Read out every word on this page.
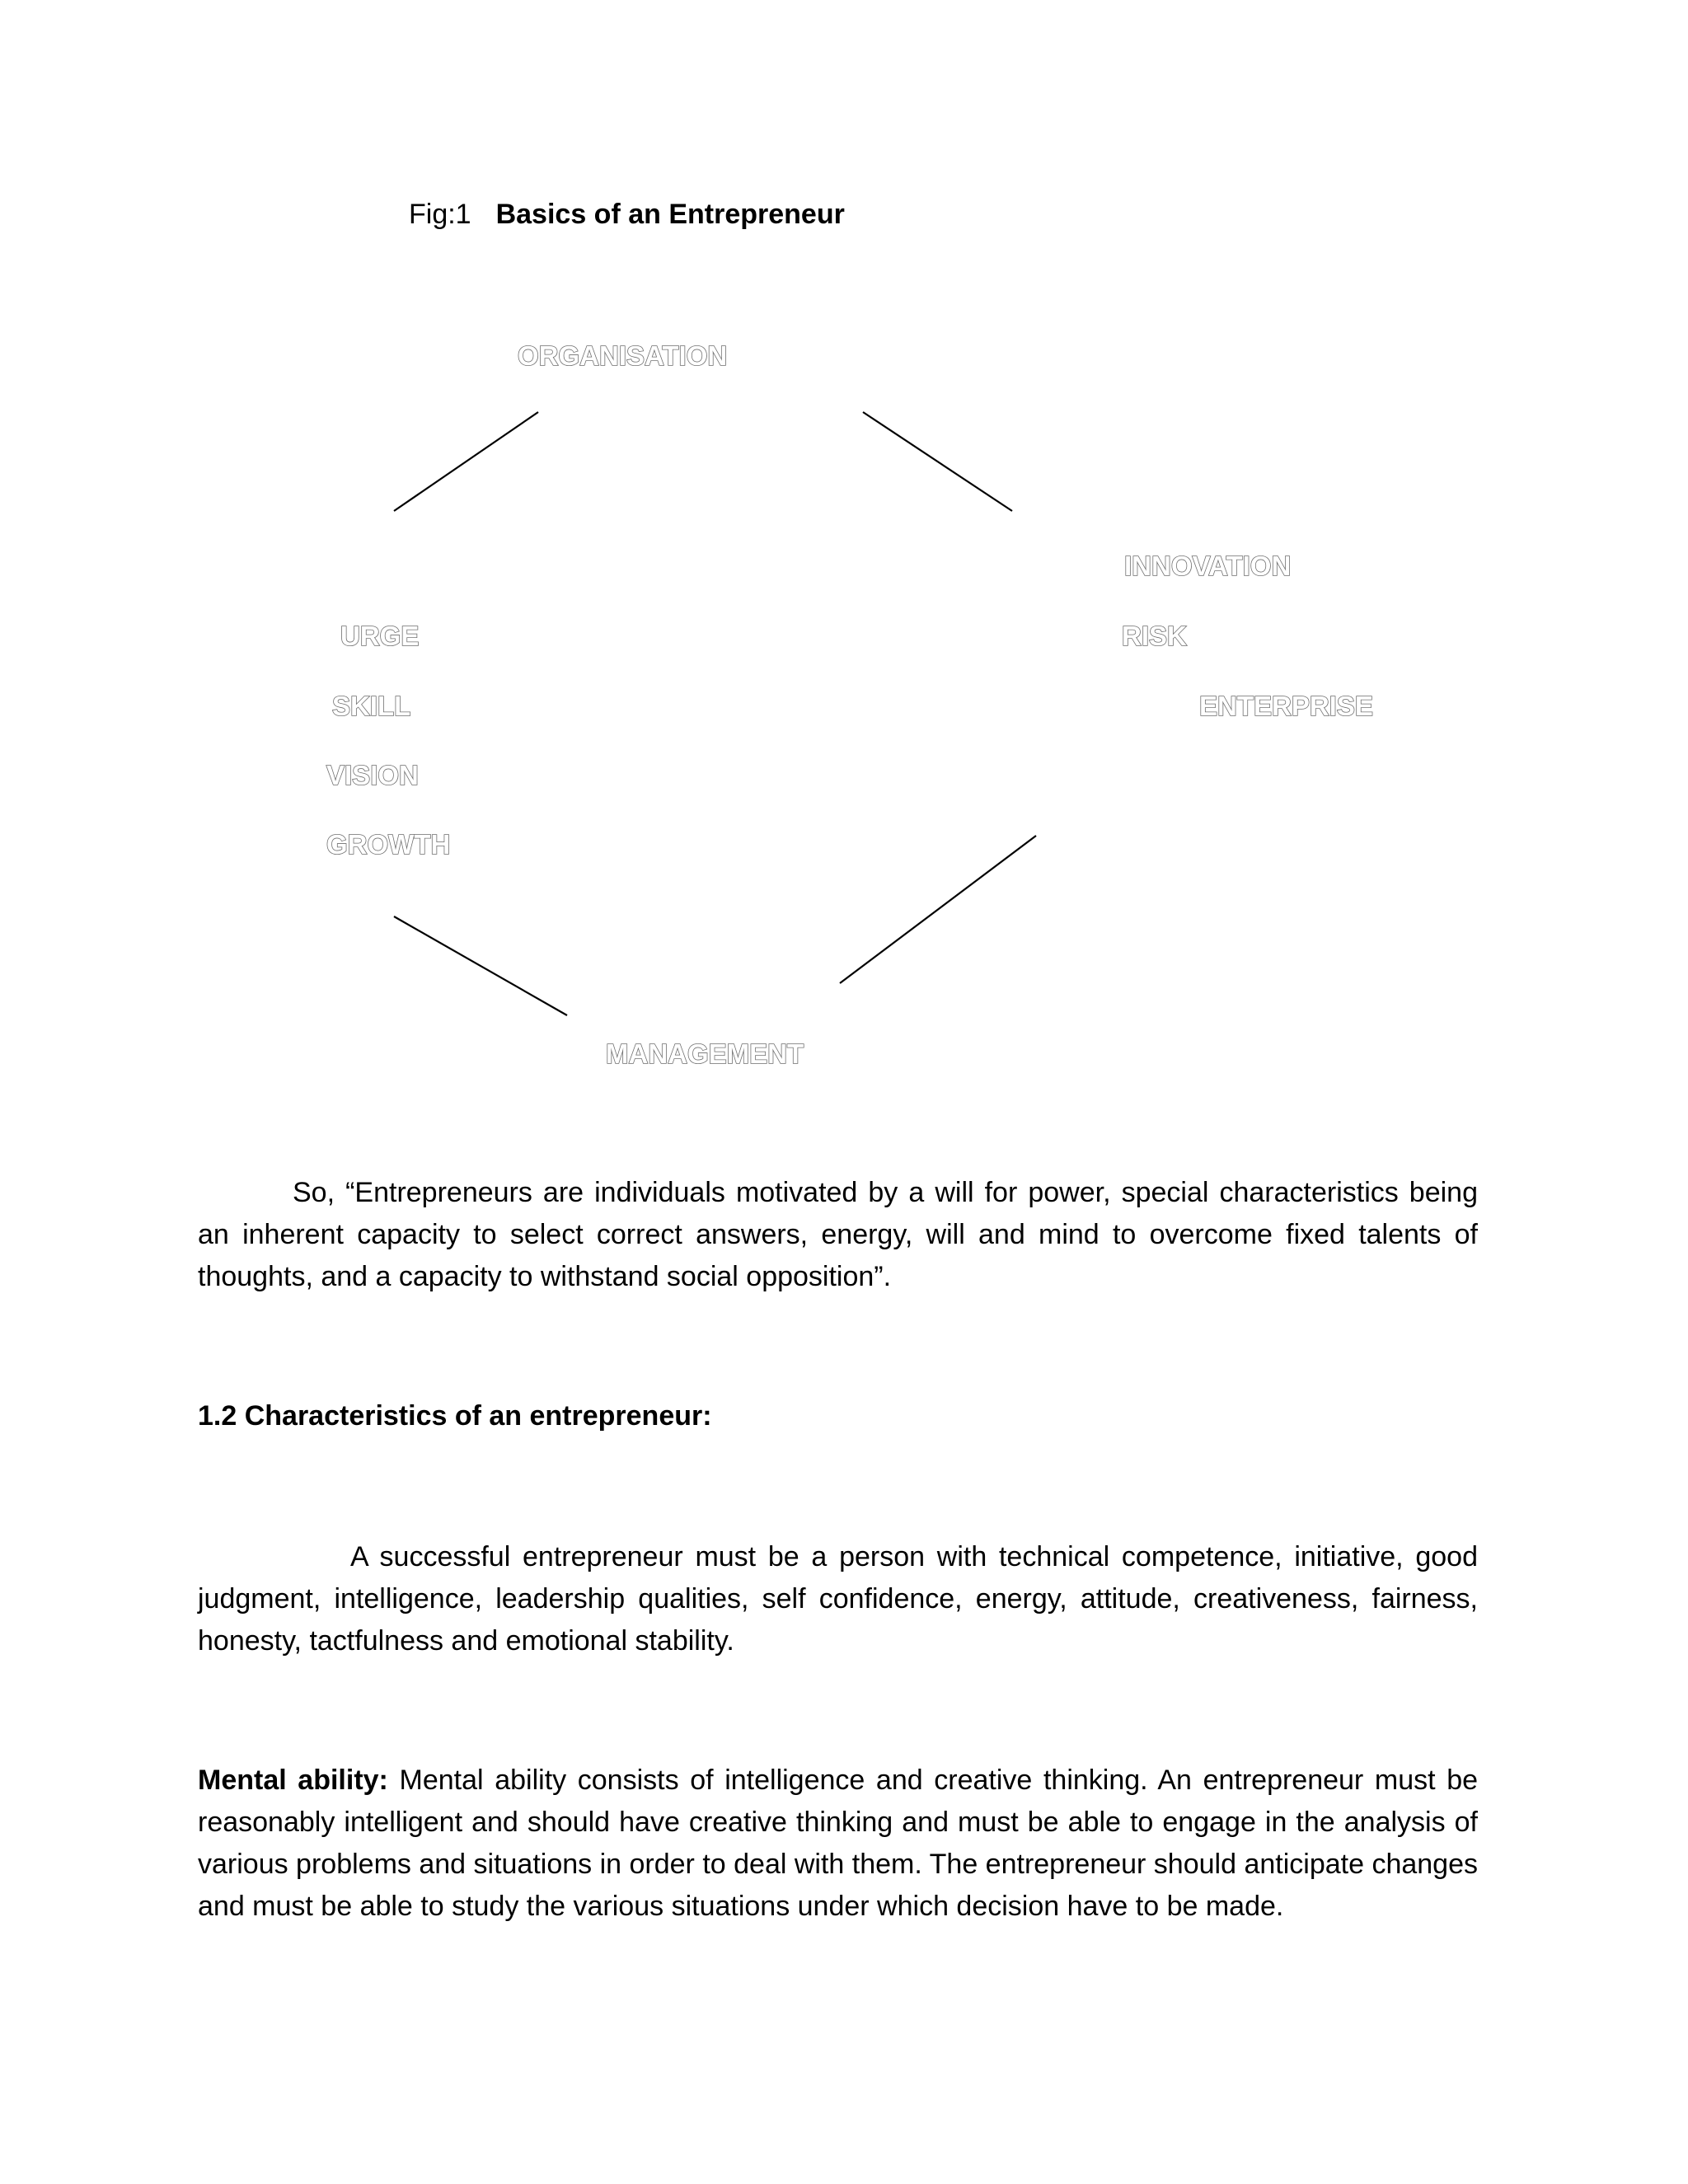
Fig:1 Basics of an Entrepreneur
ORGANISATION
URGE
SKILL
VISION
GROWTH
INNOVATION
RISK
ENTERPRISE
MANAGEMENT
So, “Entrepreneurs are individuals motivated by a will for power, special characteristics being an inherent capacity to select correct answers, energy, will and mind to overcome fixed talents of thoughts, and a capacity to withstand social opposition”.
1.2 Characteristics of an entrepreneur:
A successful entrepreneur must be a person with technical competence, initiative, good judgment, intelligence, leadership qualities, self confidence, energy, attitude, creativeness, fairness, honesty, tactfulness and emotional stability.
Mental ability: Mental ability consists of intelligence and creative thinking. An entrepreneur must be reasonably intelligent and should have creative thinking and must be able to engage in the analysis of various problems and situations in order to deal with them. The entrepreneur should anticipate changes and must be able to study the various situations under which decision have to be made.
